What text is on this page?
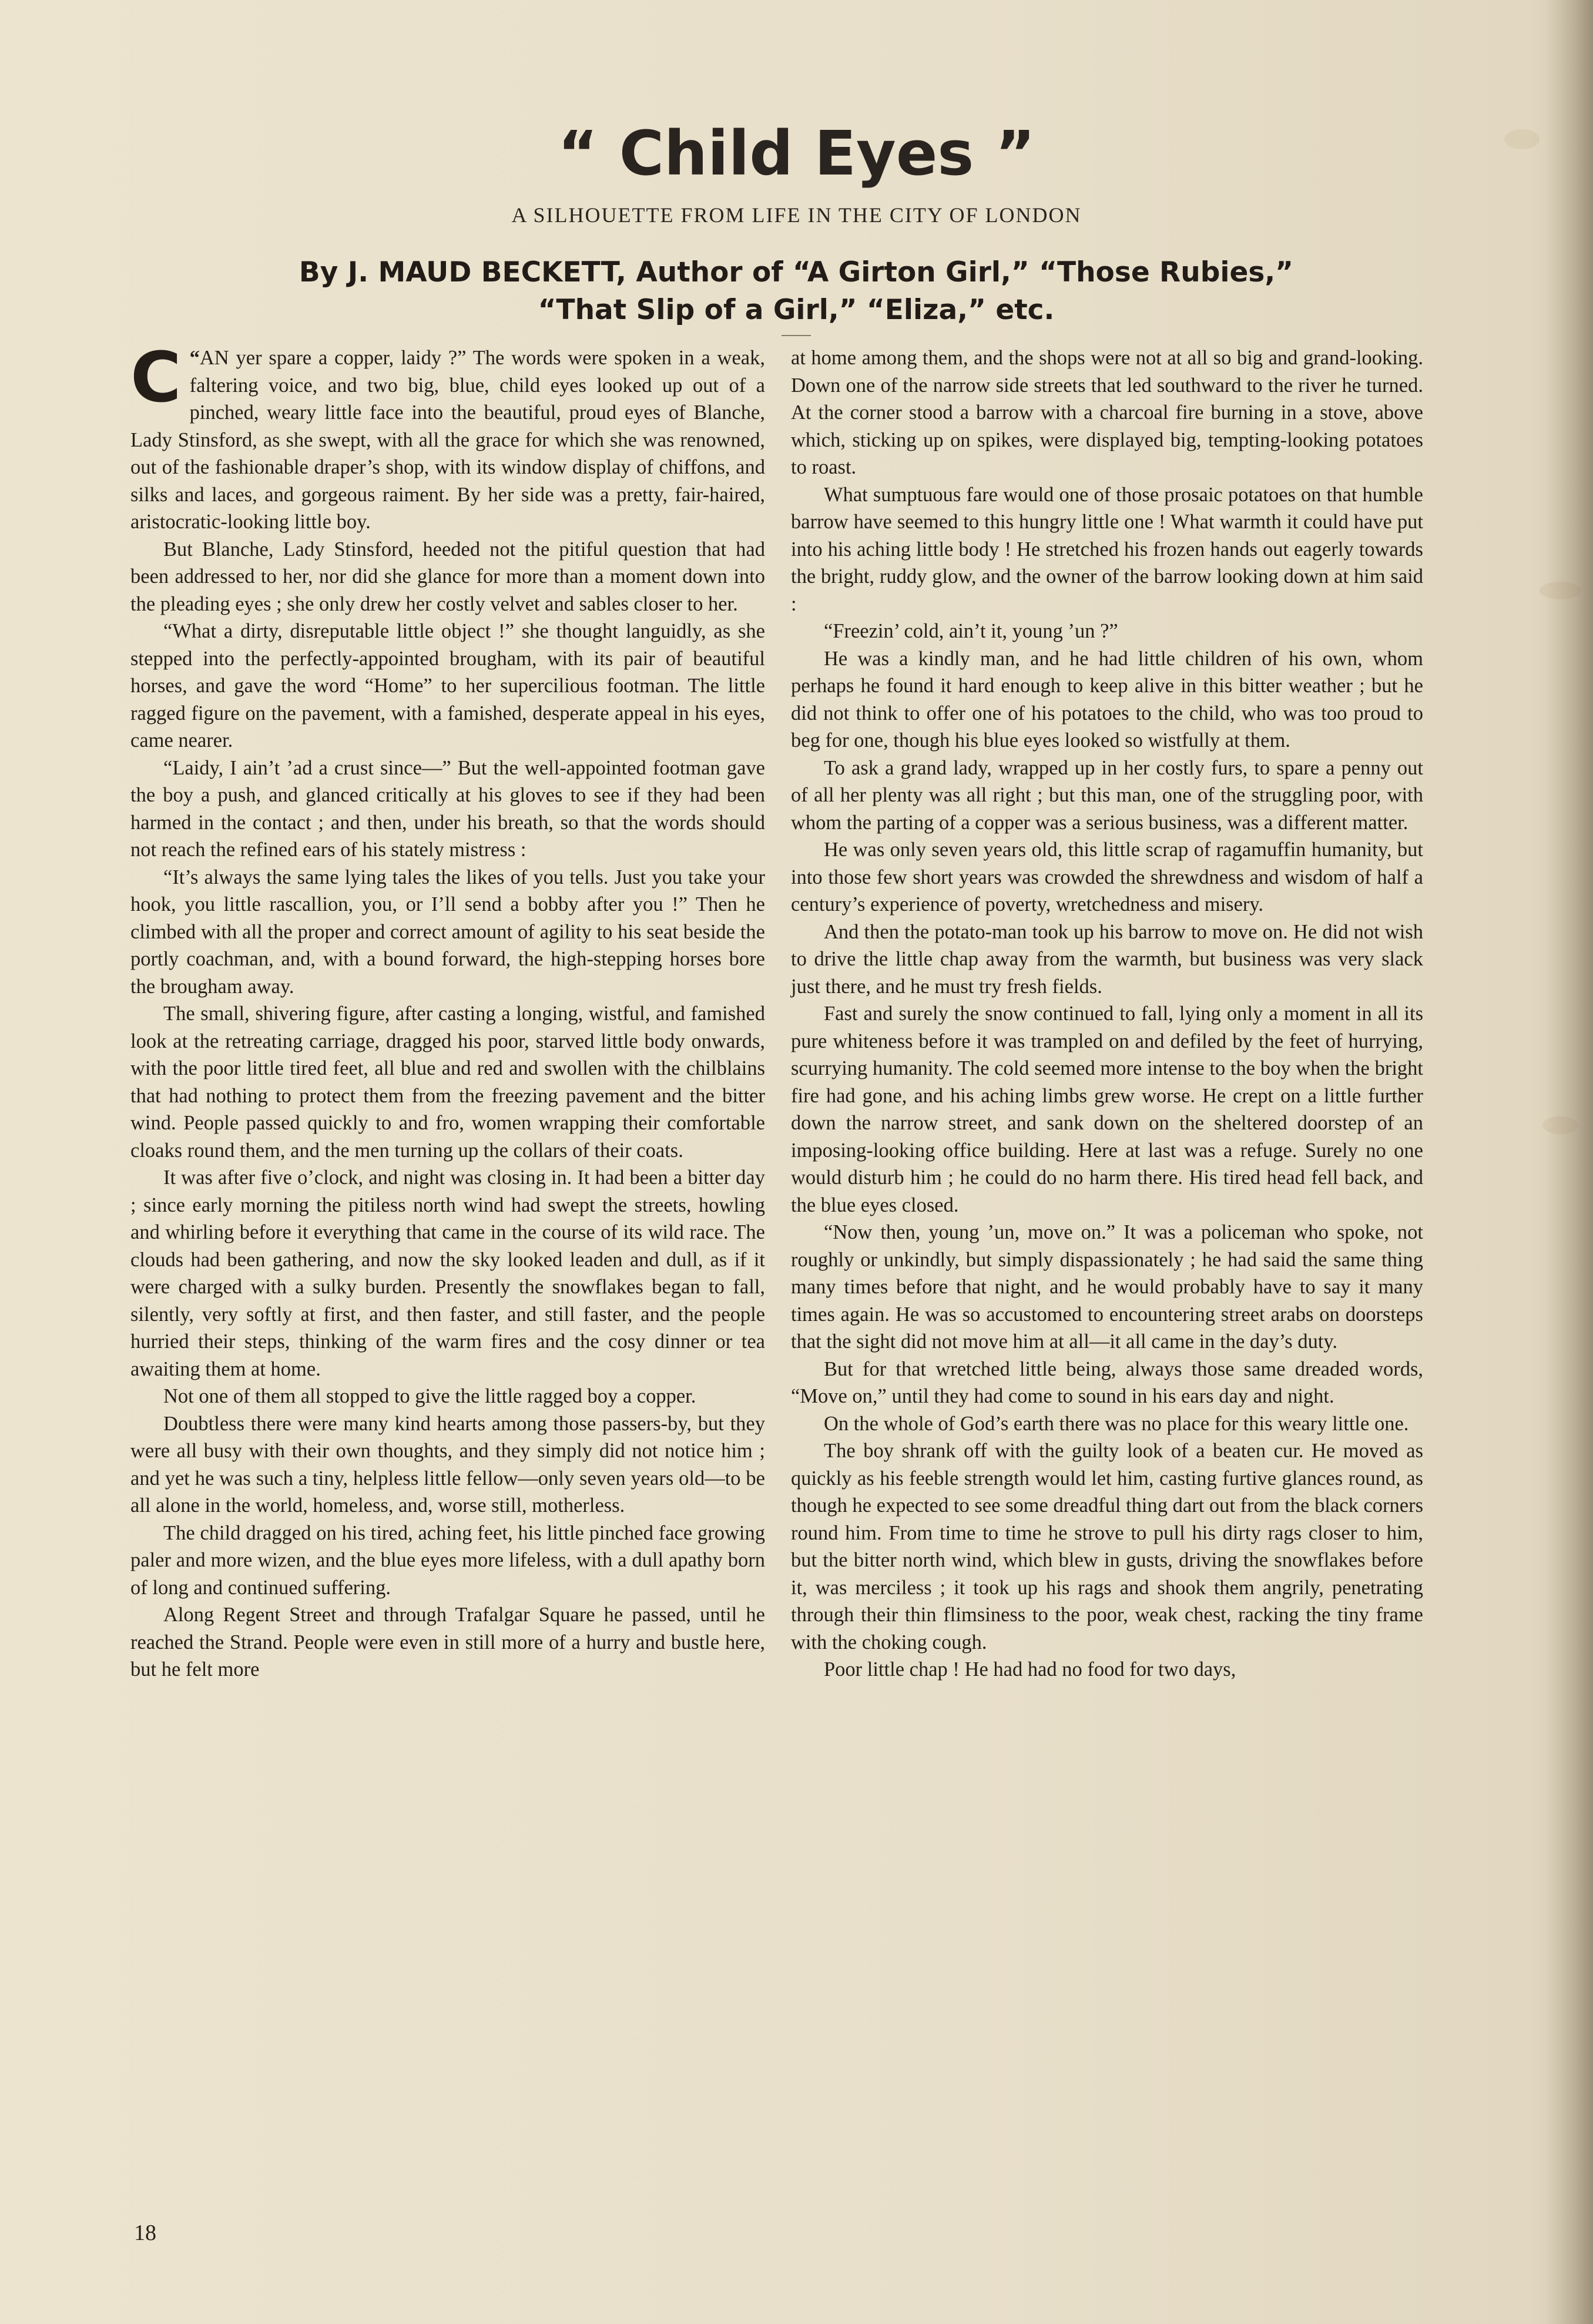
“ Child Eyes ”
A SILHOUETTE FROM LIFE IN THE CITY OF LONDON
By J. MAUD BECKETT, Author of “A Girton Girl,” “Those Rubies,”
“That Slip of a Girl,” “Eliza,” etc.

“
C AN yer spare a copper, laidy ?” The words were spoken in a weak, faltering voice, and two big, blue, child eyes looked up out of a pinched, weary little face into the beautiful, proud eyes of Blanche, Lady Stinsford, as she swept, with all the grace for which she was renowned, out of the fashionable draper’s shop, with its window display of chiffons, and silks and laces, and gorgeous raiment. By her side was a pretty, fair-haired, aristocratic-looking little boy.

But Blanche, Lady Stinsford, heeded not the pitiful question that had been addressed to her, nor did she glance for more than a moment down into the pleading eyes ; she only drew her costly velvet and sables closer to her.

“What a dirty, disreputable little object !” she thought languidly, as she stepped into the perfectly-appointed brougham, with its pair of beautiful horses, and gave the word “Home” to her supercilious footman. The little ragged figure on the pavement, with a famished, desperate appeal in his eyes, came nearer.

“Laidy, I ain’t ’ad a crust since—” But the well-appointed footman gave the boy a push, and glanced critically at his gloves to see if they had been harmed in the contact ; and then, under his breath, so that the words should not reach the refined ears of his stately mistress :

“It’s always the same lying tales the likes of you tells. Just you take your hook, you little rascallion, you, or I’ll send a bobby after you !” Then he climbed with all the proper and correct amount of agility to his seat beside the portly coachman, and, with a bound forward, the high-stepping horses bore the brougham away.

The small, shivering figure, after casting a longing, wistful, and famished look at the retreating carriage, dragged his poor, starved little body onwards, with the poor little tired feet, all blue and red and swollen with the chilblains that had nothing to protect them from the freezing pavement and the bitter wind. People passed quickly to and fro, women wrapping their comfortable cloaks round them, and the men turning up the collars of their coats.

It was after five o’clock, and night was closing in. It had been a bitter day ; since early morning the pitiless north wind had swept the streets, howling and whirling before it everything that came in the course of its wild race. The clouds had been gathering, and now the sky looked leaden and dull, as if it were charged with a sulky burden. Presently the snowflakes began to fall, silently, very softly at first, and then faster, and still faster, and the people hurried their steps, thinking of the warm fires and the cosy dinner or tea awaiting them at home.

Not one of them all stopped to give the little ragged boy a copper.

Doubtless there were many kind hearts among those passers-by, but they were all busy with their own thoughts, and they simply did not notice him ; and yet he was such a tiny, helpless little fellow—only seven years old—to be all alone in the world, homeless, and, worse still, motherless.

The child dragged on his tired, aching feet, his little pinched face growing paler and more wizen, and the blue eyes more lifeless, with a dull apathy born of long and continued suffering.

Along Regent Street and through Trafalgar Square he passed, until he reached the Strand. People were even in still more of a hurry and bustle here, but he felt more

at home among them, and the shops were not at all so big and grand-looking. Down one of the narrow side streets that led southward to the river he turned. At the corner stood a barrow with a charcoal fire burning in a stove, above which, sticking up on spikes, were displayed big, tempting-looking potatoes to roast.

What sumptuous fare would one of those prosaic potatoes on that humble barrow have seemed to this hungry little one ! What warmth it could have put into his aching little body ! He stretched his frozen hands out eagerly towards the bright, ruddy glow, and the owner of the barrow looking down at him said :

“Freezin’ cold, ain’t it, young ’un ?”

He was a kindly man, and he had little children of his own, whom perhaps he found it hard enough to keep alive in this bitter weather ; but he did not think to offer one of his potatoes to the child, who was too proud to beg for one, though his blue eyes looked so wistfully at them.

To ask a grand lady, wrapped up in her costly furs, to spare a penny out of all her plenty was all right ; but this man, one of the struggling poor, with whom the parting of a copper was a serious business, was a different matter.

He was only seven years old, this little scrap of ragamuffin humanity, but into those few short years was crowded the shrewdness and wisdom of half a century’s experience of poverty, wretchedness and misery.

And then the potato-man took up his barrow to move on. He did not wish to drive the little chap away from the warmth, but business was very slack just there, and he must try fresh fields.

Fast and surely the snow continued to fall, lying only a moment in all its pure whiteness before it was trampled on and defiled by the feet of hurrying, scurrying humanity. The cold seemed more intense to the boy when the bright fire had gone, and his aching limbs grew worse. He crept on a little further down the narrow street, and sank down on the sheltered doorstep of an imposing-looking office building. Here at last was a refuge. Surely no one would disturb him ; he could do no harm there. His tired head fell back, and the blue eyes closed.

“Now then, young ’un, move on.” It was a policeman who spoke, not roughly or unkindly, but simply dispassionately ; he had said the same thing many times before that night, and he would probably have to say it many times again. He was so accustomed to encountering street arabs on doorsteps that the sight did not move him at all—it all came in the day’s duty.

But for that wretched little being, always those same dreaded words, “Move on,” until they had come to sound in his ears day and night.

On the whole of God’s earth there was no place for this weary little one.

The boy shrank off with the guilty look of a beaten cur. He moved as quickly as his feeble strength would let him, casting furtive glances round, as though he expected to see some dreadful thing dart out from the black corners round him. From time to time he strove to pull his dirty rags closer to him, but the bitter north wind, which blew in gusts, driving the snowflakes before it, was merciless ; it took up his rags and shook them angrily, penetrating through their thin flimsiness to the poor, weak chest, racking the tiny frame with the choking cough.

Poor little chap ! He had had no food for two days,

18
